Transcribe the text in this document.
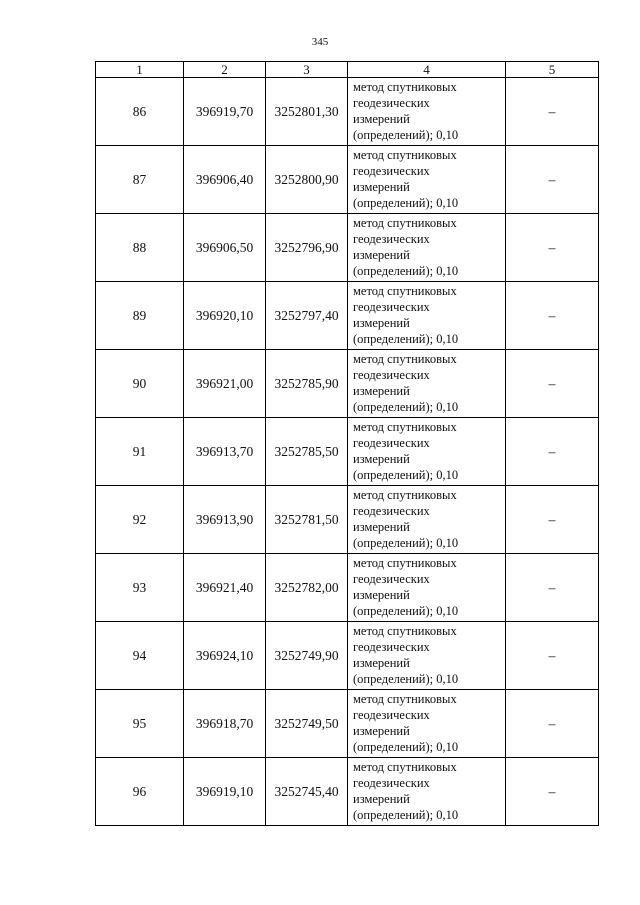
345
1	2	3	4	5
86	396919,70	3252801,30	метод спутниковых
геодезических
измерений
(определений); 0,10	–
87	396906,40	3252800,90	метод спутниковых
геодезических
измерений
(определений); 0,10	–
88	396906,50	3252796,90	метод спутниковых
геодезических
измерений
(определений); 0,10	–
89	396920,10	3252797,40	метод спутниковых
геодезических
измерений
(определений); 0,10	–
90	396921,00	3252785,90	метод спутниковых
геодезических
измерений
(определений); 0,10	–
91	396913,70	3252785,50	метод спутниковых
геодезических
измерений
(определений); 0,10	–
92	396913,90	3252781,50	метод спутниковых
геодезических
измерений
(определений); 0,10	–
93	396921,40	3252782,00	метод спутниковых
геодезических
измерений
(определений); 0,10	–
94	396924,10	3252749,90	метод спутниковых
геодезических
измерений
(определений); 0,10	–
95	396918,70	3252749,50	метод спутниковых
геодезических
измерений
(определений); 0,10	–
96	396919,10	3252745,40	метод спутниковых
геодезических
измерений
(определений); 0,10	–
